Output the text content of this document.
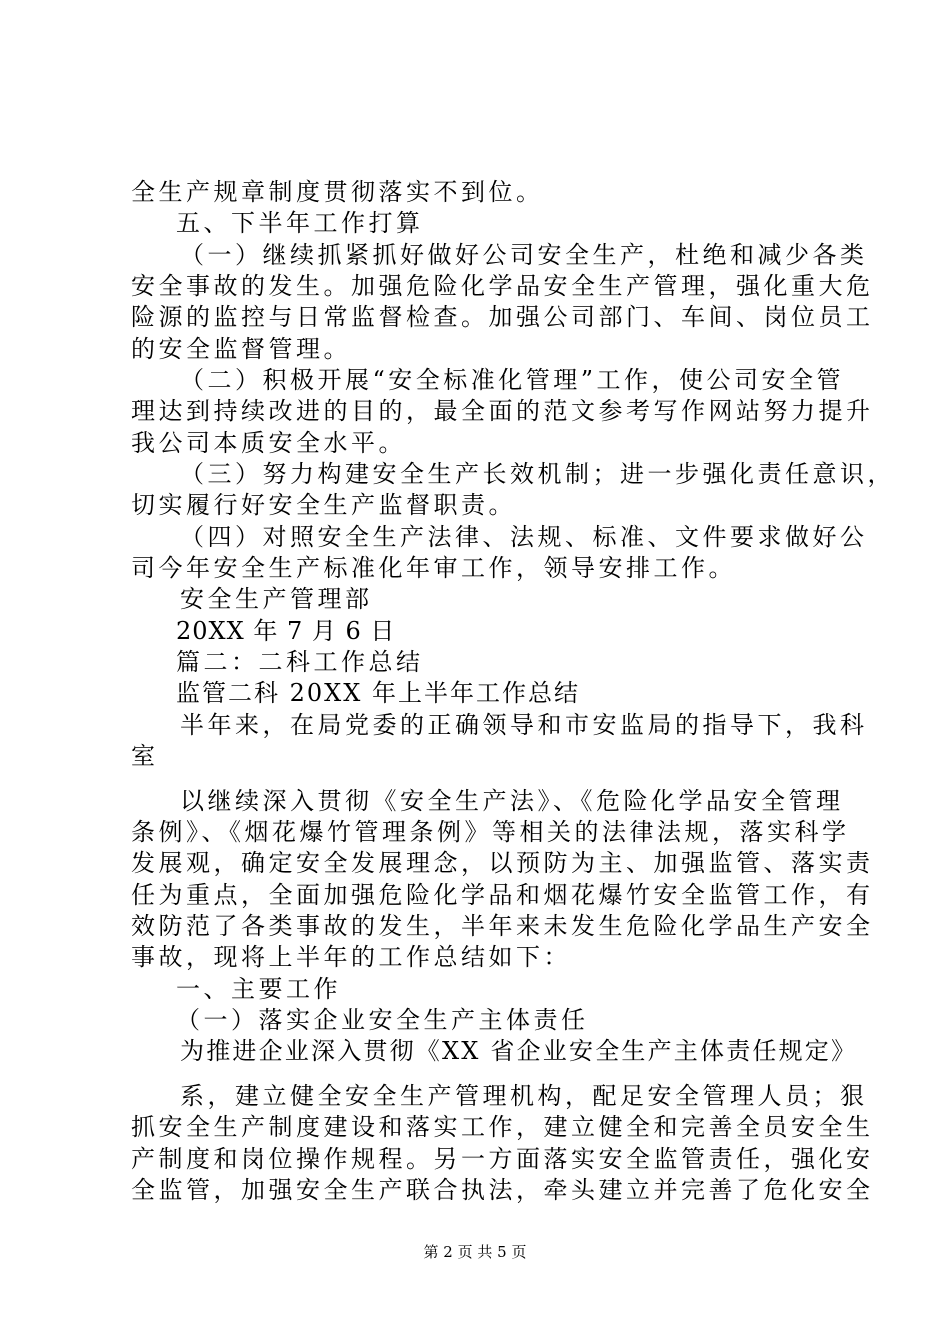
全生产规章制度贯彻落实不到位。
五、下半年工作打算
（一）继续抓紧抓好做好公司安全生产，杜绝和减少各类
安全事故的发生。加强危险化学品安全生产管理，强化重大危
险源的监控与日常监督检查。加强公司部门、车间、岗位员工
的安全监督管理。
（二）积极开展“安全标准化管理”工作，使公司安全管
理达到持续改进的目的，最全面的范文参考写作网站努力提升
我公司本质安全水平。
（三）努力构建安全生产长效机制；进一步强化责任意识，
切实履行好安全生产监督职责。
（四）对照安全生产法律、法规、标准、文件要求做好公
司今年安全生产标准化年审工作，领导安排工作。
安全生产管理部
20XX 年 7 月 6 日
篇二：二科工作总结
监管二科 20XX 年上半年工作总结
半年来，在局党委的正确领导和市安监局的指导下，我科
室
以继续深入贯彻《安全生产法》、《危险化学品安全管理
条例》、《烟花爆竹管理条例》等相关的法律法规，落实科学
发展观，确定安全发展理念，以预防为主、加强监管、落实责
任为重点，全面加强危险化学品和烟花爆竹安全监管工作，有
效防范了各类事故的发生，半年来未发生危险化学品生产安全
事故，现将上半年的工作总结如下：
一、主要工作
（一）落实企业安全生产主体责任
为推进企业深入贯彻《XX 省企业安全生产主体责任规定》
系，建立健全安全生产管理机构，配足安全管理人员；狠
抓安全生产制度建设和落实工作，建立健全和完善全员安全生
产制度和岗位操作规程。另一方面落实安全监管责任，强化安
全监管，加强安全生产联合执法，牵头建立并完善了危化安全
第 2 页 共 5 页
